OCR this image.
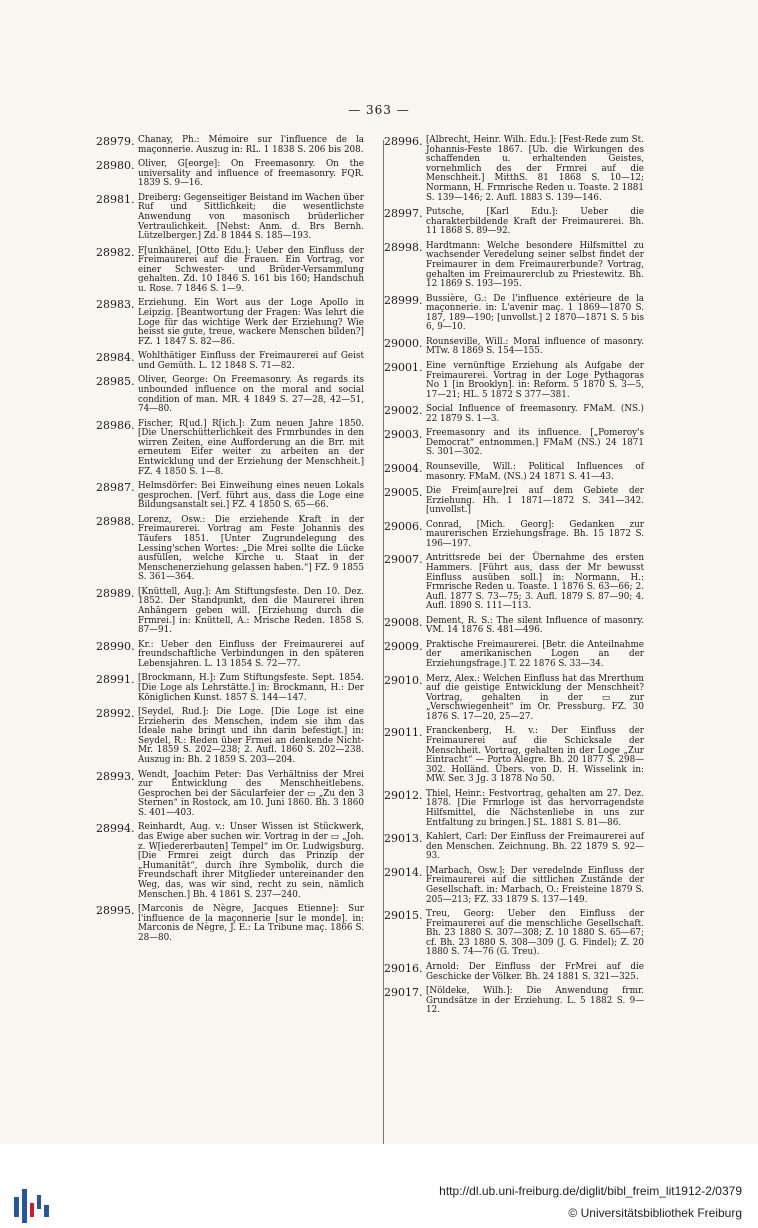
— 363 —
28979. Chanay, Ph.: Mémoire sur l'influence de la maçonnerie. Auszug in: RL. 1 1838 S. 206 bis 208.
28980. Oliver, G[eorge]: On Freemasonry. On the universality and influence of freemasonry. FQR. 1839 S. 9—16.
28981. Dreiberg: Gegenseitiger Beistand im Wachen über Ruf und Sittlichkeit; die wesentlichste Anwendung von masonisch brüderlicher Vertraulichkeit. [Nebst: Anm. d. Brs Bernh. Lützelberger.] Zd. 8 1844 S. 185—193.
28982. F[unkhänel, [Otto Edu.]: Ueber den Einfluss der Freimaurerei auf die Frauen. Ein Vortrag, vor einer Schwester- und Brüder-Versammlung gehalten. Zd. 10 1846 S. 161 bis 160; Handschuh u. Rose. 7 1846 S. 1—9.
28983. Erziehung. Ein Wort aus der Loge Apollo in Leipzig. [Beantwortung der Fragen: Was lehrt die Loge für das wichtige Werk der Erziehung? Wie heisst sie gute, treue, wackere Menschen bilden?] FZ. 1 1847 S. 82—86.
28984. Wohlthätiger Einfluss der Freimaurerei auf Geist und Gemüth. L. 12 1848 S. 71—82.
28985. Oliver, George: On Freemasonry. As regards its unbounded influence on the moral and social condition of man. MR. 4 1849 S. 27—28, 42—51, 74—80.
28986. Fischer, R[ud.] R[ich.]: Zum neuen Jahre 1850. [Die Unerschütterlichkeit des Frmrbundes in den wirren Zeiten, eine Aufforderung an die Brr. mit erneutem Eifer weiter zu arbeiten an der Entwicklung und der Erziehung der Menschheit.] FZ. 4 1850 S. 1—8.
28987. Helmsdörfer: Bei Einweihung eines neuen Lokals gesprochen. [Verf. führt aus, dass die Loge eine Bildungsanstalt sei.] FZ. 4 1850 S. 65—66.
28988. Lorenz, Osw.: Die erziehende Kraft in der Freimaurerei. Vortrag am Feste Johannis des Täufers 1851. [Unter Zugrundelegung des Lessing'schen Wortes: „Die Mrei sollte die Lücke ausfüllen, welche Kirche u. Staat in der Menschenerziehung gelassen haben.“] FZ. 9 1855 S. 361—364.
28989. [Knüttell, Aug.]: Am Stiftungsfeste. Den 10. Dez. 1852. Der Standpunkt, den die Maurerei ihren Anhängern geben will. [Erziehung durch die Frmrei.] in: Knüttell, A.: Mrische Reden. 1858 S. 87—91.
28990. Kr.: Ueber den Einfluss der Freimaurerei auf freundschaftliche Verbindungen in den späteren Lebensjahren. L. 13 1854 S. 72—77.
28991. [Brockmann, H.]: Zum Stiftungsfeste. Sept. 1854. [Die Loge als Lehrstätte.] in: Brockmann, H.: Der Königlichen Kunst. 1857 S. 144—147.
28992. [Seydel, Rud.]: Die Loge. [Die Loge ist eine Erzieherin des Menschen, indem sie ihm das Ideale nahe bringt und ihn darin befestigt.] in: Seydel, R.: Reden über Frmei an denkende Nicht-Mr. 1859 S. 202—238; 2. Aufl. 1860 S. 202—238. Auszug in: Bh. 2 1859 S. 203—204.
28993. Wendt, Joachim Peter: Das Verhältniss der Mrei zur Entwicklung des Menschheitlebens. Gesprochen bei der Säcularfeier der ▭ „Zu den 3 Sternen“ in Rostock, am 10. Juni 1860. Bh. 3 1860 S. 401—403.
28994. Reinhardt, Aug. v.: Unser Wissen ist Stückwerk, das Ewige aber suchen wir. Vortrag in der ▭ „Joh. z. W[iedererbauten] Tempel“ im Or. Ludwigsburg. [Die Frmrei zeigt durch das Prinzip der „Humanität“, durch ihre Symbolik, durch die Freundschaft ihrer Mitglieder untereinander den Weg, das, was wir sind, recht zu sein, nämlich Menschen.] Bh. 4 1861 S. 237—240.
28995. [Marconis de Nègre, Jacques Etienne]: Sur l'influence de la maçonnerie [sur le monde]. in: Marconis de Nègre, J. E.: La Tribune maç. 1866 S. 28—80.
28996. [Albrecht, Heinr. Wilh. Edu.]: [Fest-Rede zum St. Johannis-Feste 1867. [Ub. die Wirkungen des schaffenden u. erhaltenden Geistes, vornehmlich des der Frmrei auf die Menschheit.] MitthS. 81 1868 S. 10—12; Normann, H. Frmrische Reden u. Toaste. 2 1881 S. 139—146; 2. Aufl. 1883 S. 139—146.
28997. Putsche, [Karl Edu.]: Ueber die charakterbildende Kraft der Freimaurerei. Bh. 11 1868 S. 89—92.
28998. Hardtmann: Welche besondere Hilfsmittel zu wachsender Veredelung seiner selbst findet der Freimaurer in dem Freimaurerbunde? Vortrag, gehalten im Freimaurerclub zu Priestewitz. Bh. 12 1869 S. 193—195.
28999. Bussière, G.: De l'influence extérieure de la maçonnerie. in: L'avenir maç. 1 1869—1870 S. 187, 189—190; [unvollst.] 2 1870—1871 S. 5 bis 6, 9—10.
29000. Rounseville, Will.: Moral influence of masonry. MTw. 8 1869 S. 154—155.
29001. Eine vernünftige Erziehung als Aufgabe der Freimaurerei. Vortrag in der Loge Pythagoras No 1 [in Brooklyn]. in: Reform. 5 1870 S. 3—5, 17—21; HL. 5 1872 S 377—381.
29002. Social Influence of freemasonry. FMaM. (NS.) 22 1879 S. 1—3.
29003. Freemasonry and its influence. [„Pomeroy's Democrat“ entnommen.] FMaM (NS.) 24 1871 S. 301—302.
29004. Rounseville, Will.: Political Influences of masonry. FMaM. (NS.) 24 1871 S. 41—43.
29005. Die Freim[aure]rei auf dem Gebiete der Erziehung. Hh. 1 1871—1872 S. 341—342. [unvollst.]
29006. Conrad, [Mich. Georg]: Gedanken zur maurerischen Erziehungsfrage. Bh. 15 1872 S. 196—197.
29007. Antrittsrede bei der Übernahme des ersten Hammers. [Führt aus, dass der Mr bewusst Einfluss ausüben soll.] in: Normann, H.: Frmrische Reden u. Toaste. 1 1876 S. 63—66; 2. Aufl. 1877 S. 73—75; 3. Aufl. 1879 S. 87—90; 4. Aufl. 1890 S. 111—113.
29008. Dement, R. S.: The silent Influence of masonry. VM. 14 1876 S. 481—496.
29009. Praktische Freimaurerei. [Betr. die Anteilnahme der amerikanischen Logen an der Erziehungsfrage.] T. 22 1876 S. 33—34.
29010. Merz, Alex.: Welchen Einfluss hat das Mrerthum auf die geistige Entwicklung der Menschheit? Vortrag, gehalten in der ▭ zur „Verschwiegenheit“ im Or. Pressburg. FZ. 30 1876 S. 17—20, 25—27.
29011. Franckenberg, H. v.: Der Einfluss der Freimaurerei auf die Schicksale der Menschheit. Vortrag, gehalten in der Loge „Zur Eintracht“ — Porto Alegre. Bh. 20 1877 S. 298—302. Holländ. Übers. von D. H. Wisselink in: MW. Ser. 3 Jg. 3 1878 No 50.
29012. Thiel, Heinr.: Festvortrag, gehalten am 27. Dez. 1878. [Die Frmrloge ist das hervorragendste Hilfsmittel, die Nächstenliebe in uns zur Entfaltung zu bringen.] SL. 1881 S. 81—86.
29013. Kahlert, Carl: Der Einfluss der Freimaurerei auf den Menschen. Zeichnung. Bh. 22 1879 S. 92—93.
29014. [Marbach, Osw.]: Der veredelnde Einfluss der Freimaurerei auf die sittlichen Zustände der Gesellschaft. in: Marbach, O.: Freisteine 1879 S. 205—213; FZ. 33 1879 S. 137—149.
29015. Treu, Georg: Ueber den Einfluss der Freimaurerei auf die menschliche Gesellschaft. Bh. 23 1880 S. 307—308; Z. 10 1880 S. 65—67; cf. Bh. 23 1880 S. 308—309 (J. G. Findel); Z. 20 1880 S. 74—76 (G. Treu).
29016. Arnold: Der Einfluss der FrMrei auf die Geschicke der Völker. Bh. 24 1881 S. 321—325.
29017. [Nöldeke, Wilh.]: Die Anwendung frmr. Grundsätze in der Erziehung. L. 5 1882 S. 9—12.
http://dl.ub.uni-freiburg.de/diglit/bibl_freim_lit1912-2/0379
© Universitätsbibliothek Freiburg
